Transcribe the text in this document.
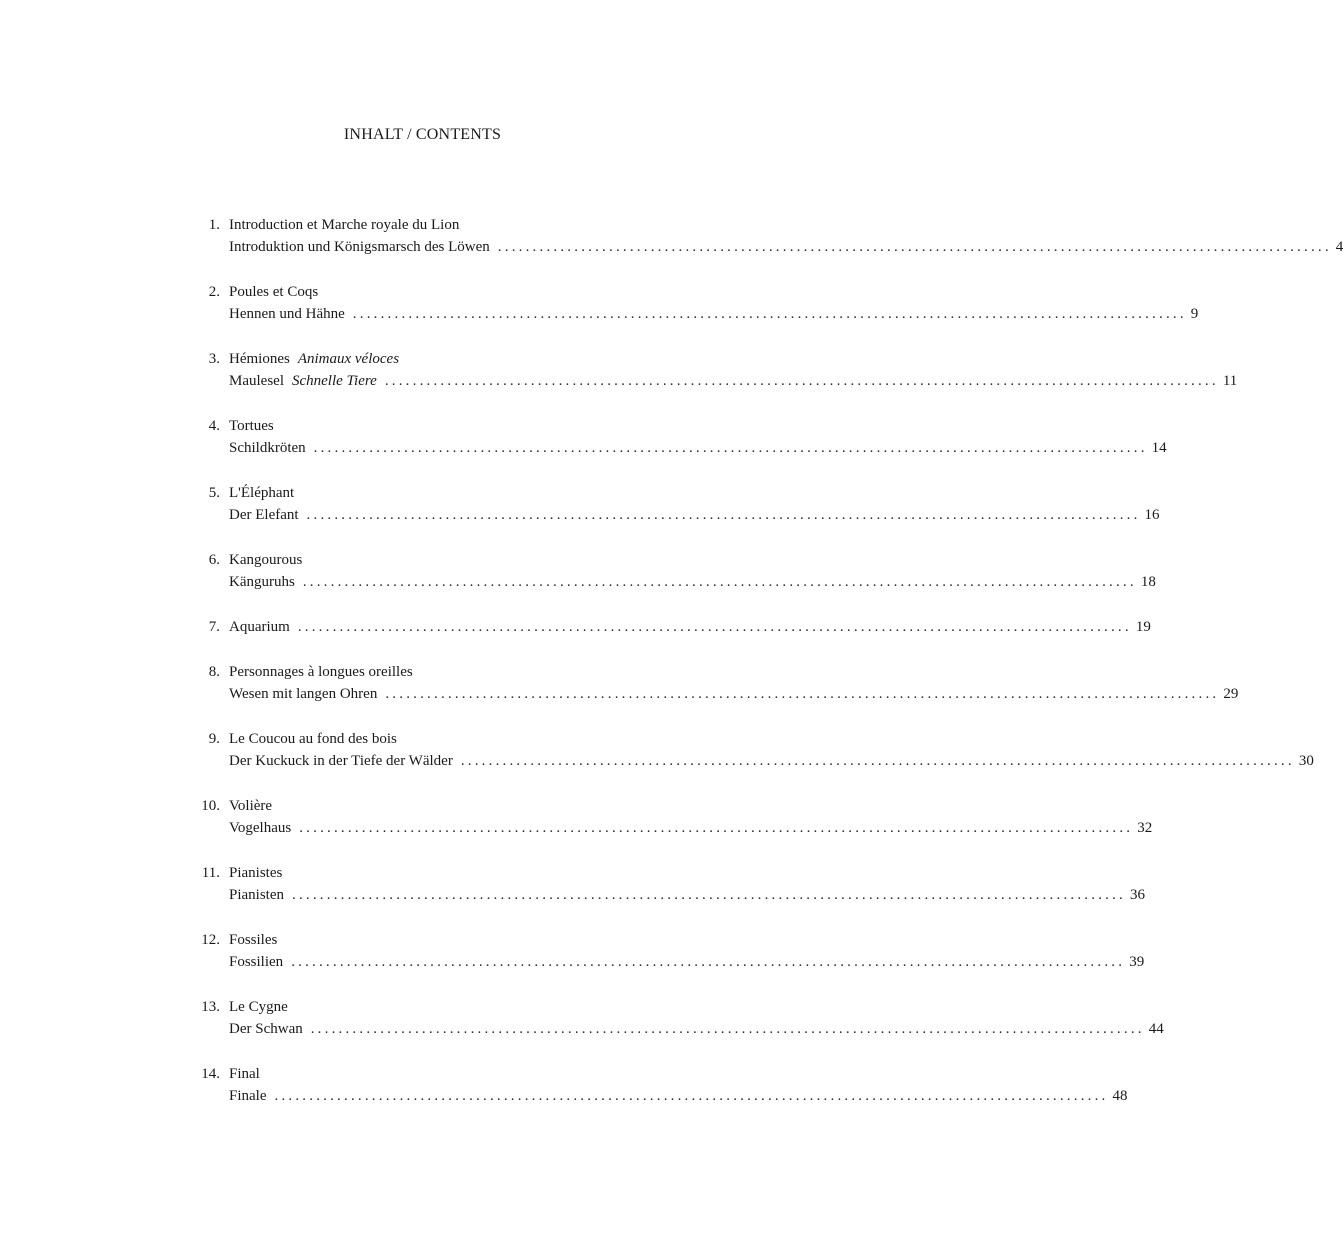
INHALT / CONTENTS
1. Introduction et Marche royale du Lion
Introduktion und Königsmarsch des Löwen ........................................................................................................................ 4
2. Poules et Coqs
Hennen und Hähne ........................................................................................................................ 9
3. Hémiones Animaux véloces
Maulesel Schnelle Tiere ........................................................................................................................ 11
4. Tortues
Schildkröten ........................................................................................................................ 14
5. L'Éléphant
Der Elefant ........................................................................................................................ 16
6. Kangourous
Känguruhs ........................................................................................................................ 18
7. Aquarium ........................................................................................................................ 19
8. Personnages à longues oreilles
Wesen mit langen Ohren ........................................................................................................................ 29
9. Le Coucou au fond des bois
Der Kuckuck in der Tiefe der Wälder ........................................................................................................................ 30
10. Volière
Vogelhaus ........................................................................................................................ 32
11. Pianistes
Pianisten ........................................................................................................................ 36
12. Fossiles
Fossilien ........................................................................................................................ 39
13. Le Cygne
Der Schwan ........................................................................................................................ 44
14. Final
Finale ........................................................................................................................ 48
